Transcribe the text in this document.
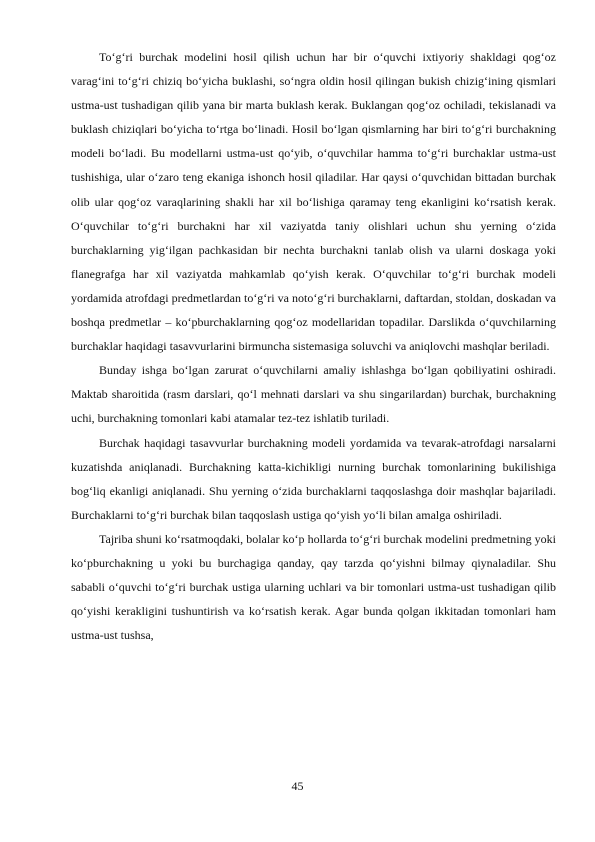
To‘g‘ri burchak modelini hosil qilish uchun har bir o‘quvchi ixtiyoriy shakldagi qog‘oz varag‘ini to‘g‘ri chiziq bo‘yicha buklashi, so‘ngra oldin hosil qilingan bukish chizig‘ining qismlari ustma-ust tushadigan qilib yana bir marta buklash kerak. Buklangan qog‘oz ochiladi, tekislanadi va buklash chiziqlari bo‘yicha to‘rtga bo‘linadi. Hosil bo‘lgan qismlarning har biri to‘g‘ri burchakning modeli bo‘ladi. Bu modellarni ustma-ust qo‘yib, o‘quvchilar hamma to‘g‘ri burchaklar ustma-ust tushishiga, ular o‘zaro teng ekaniga ishonch hosil qiladilar. Har qaysi o‘quvchidan bittadan burchak olib ular qog‘oz varaqlarining shakli har xil bo‘lishiga qaramay teng ekanligini ko‘rsatish kerak. O‘quvchilar to‘g‘ri burchakni har xil vaziyatda taniy olishlari uchun shu yerning o‘zida burchaklarning yig‘ilgan pachkasidan bir nechta burchakni tanlab olish va ularni doskaga yoki flanegrafga har xil vaziyatda mahkamlab qo‘yish kerak. O‘quvchilar to‘g‘ri burchak modeli yordamida atrofdagi predmetlardan to‘g‘ri va noto‘g‘ri burchaklarni, daftardan, stoldan, doskadan va boshqa predmetlar – ko‘pburchaklarning qog‘oz modellaridan topadilar. Darslikda o‘quvchilarning burchaklar haqidagi tasavvurlarini birmuncha sistemasiga soluvchi va aniqlovchi mashqlar beriladi.

Bunday ishga bo‘lgan zarurat o‘quvchilarni amaliy ishlashga bo‘lgan qobiliyatini oshiradi. Maktab sharoitida (rasm darslari, qo‘l mehnati darslari va shu singarilardan) burchak, burchakning uchi, burchakning tomonlari kabi atamalar tez-tez ishlatib turiladi.

Burchak haqidagi tasavvurlar burchakning modeli yordamida va tevarak-atrofdagi narsalarni kuzatishda aniqlanadi. Burchakning katta-kichikligi nurning burchak tomonlarining bukilishiga bog‘liq ekanligi aniqlanadi. Shu yerning o‘zida burchaklarni taqqoslashga doir mashqlar bajariladi. Burchaklarni to‘g‘ri burchak bilan taqqoslash ustiga qo‘yish yo‘li bilan amalga oshiriladi.

Tajriba shuni ko‘rsatmoqdaki, bolalar ko‘p hollarda to‘g‘ri burchak modelini predmetning yoki ko‘pburchakning u yoki bu burchagiga qanday, qay tarzda qo‘yishni bilmay qiynaladilar. Shu sababli o‘quvchi to‘g‘ri burchak ustiga ularning uchlari va bir tomonlari ustma-ust tushadigan qilib qo‘yishi kerakligini tushuntirish va ko‘rsatish kerak. Agar bunda qolgan ikkitadan tomonlari ham ustma-ust tushsa,

45
